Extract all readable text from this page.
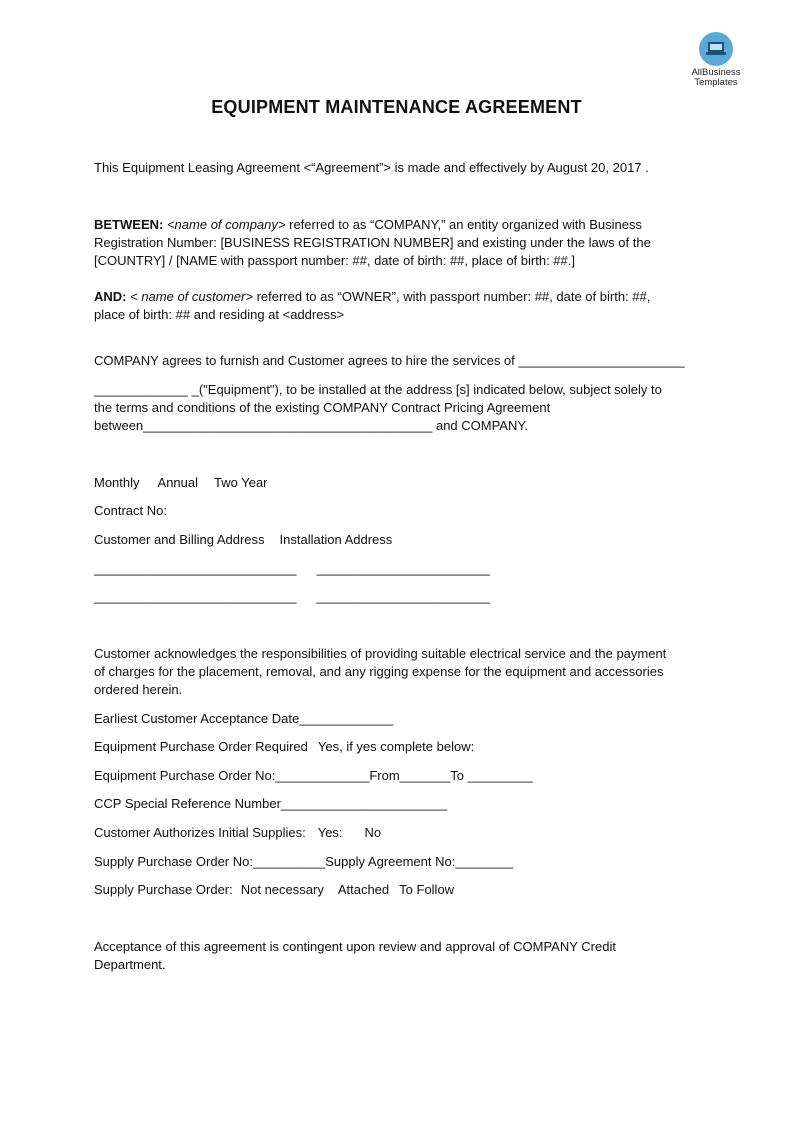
AllBusiness
Templates
EQUIPMENT MAINTENANCE AGREEMENT
This Equipment Leasing Agreement <“Agreement”> is made and effectively by August 20, 2017 .
BETWEEN: <name of company> referred to as “COMPANY,” an entity organized with Business
Registration Number: [BUSINESS REGISTRATION NUMBER] and existing under the laws of the
[COUNTRY] / [NAME with passport number: ##, date of birth: ##, place of birth: ##.]
AND: < name of customer> referred to as “OWNER”, with passport number: ##, date of birth: ##,
place of birth: ## and residing at <address>
COMPANY agrees to furnish and Customer agrees to hire the services of _______________________
_____________ _("Equipment"), to be installed at the address [s] indicated below, subject solely to
the terms and conditions of the existing COMPANY Contract Pricing Agreement
between________________________________________ and COMPANY.
Monthly Annual Two Year
Contract No:
Customer and Billing Address Installation Address
____________________________ ________________________
____________________________ ________________________
Customer acknowledges the responsibilities of providing suitable electrical service and the payment
of charges for the placement, removal, and any rigging expense for the equipment and accessories
ordered herein.
Earliest Customer Acceptance Date_____________
Equipment Purchase Order Required Yes, if yes complete below:
Equipment Purchase Order No:_____________From_______To _________
CCP Special Reference Number_______________________
Customer Authorizes Initial Supplies: Yes: No
Supply Purchase Order No:__________Supply Agreement No:________
Supply Purchase Order: Not necessary Attached To Follow
Acceptance of this agreement is contingent upon review and approval of COMPANY Credit
Department.
